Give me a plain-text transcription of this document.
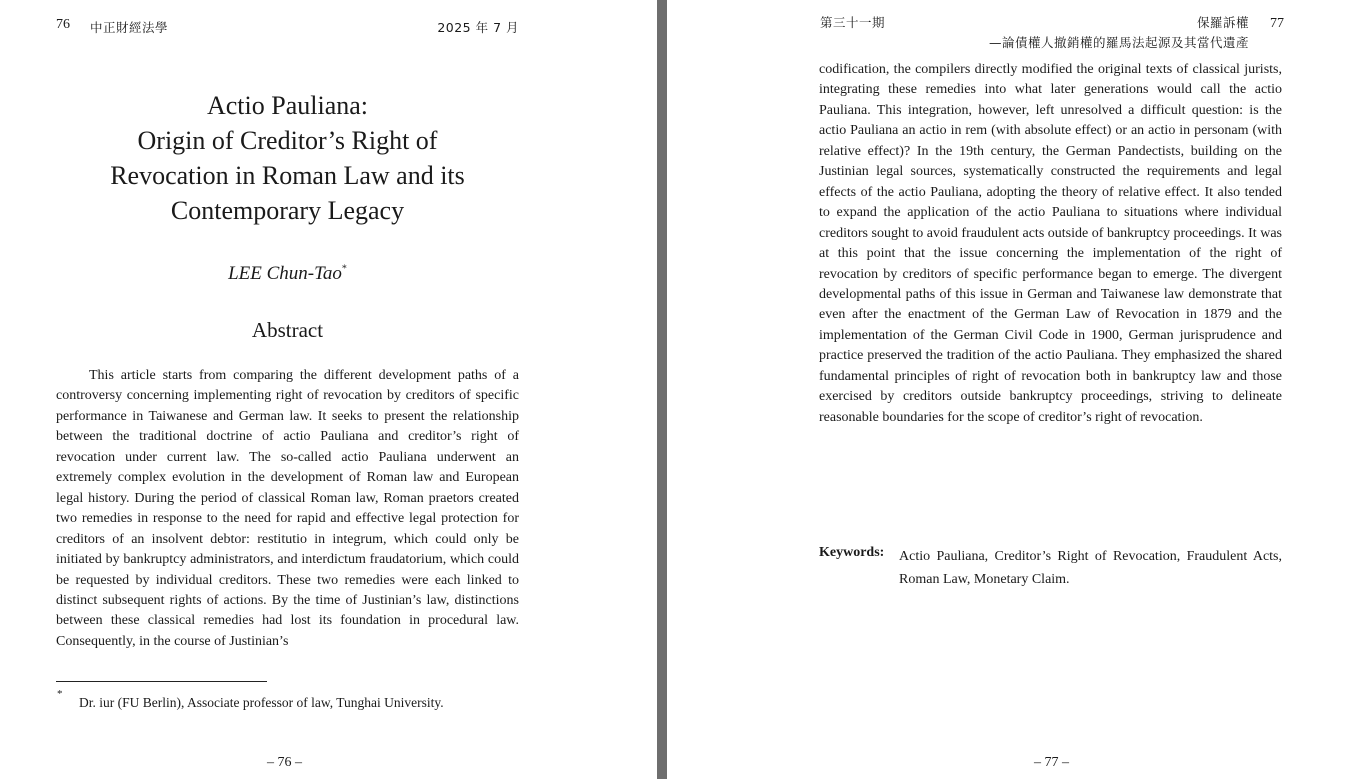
76 中正財經法學	2025 年 7 月
Actio Pauliana:
Origin of Creditor’s Right of
Revocation in Roman Law and its
Contemporary Legacy
LEE Chun-Tao*
Abstract

This article starts from comparing the different development paths of a controversy concerning implementing right of revocation by creditors of specific performance in Taiwanese and German law. It seeks to present the relationship between the traditional doctrine of actio Pauliana and creditor’s right of revocation under current law. The so-called actio Pauliana underwent an extremely complex evolution in the development of Roman law and European legal history. During the period of classical Roman law, Roman praetors created two remedies in response to the need for rapid and effective legal protection for creditors of an insolvent debtor: restitutio in integrum, which could only be initiated by bankruptcy administrators, and interdictum fraudatorium, which could be requested by individual creditors. These two remedies were each linked to distinct subsequent rights of actions. By the time of Justinian’s law, distinctions between these classical remedies had lost its foundation in procedural law. Consequently, in the course of Justinian’s

*
Dr. iur (FU Berlin), Associate professor of law, Tunghai University.
– 76 –
第三十一期	保羅訴權 77
—論債權人撤銷權的羅馬法起源及其當代遺產

codification, the compilers directly modified the original texts of classical jurists, integrating these remedies into what later generations would call the actio Pauliana. This integration, however, left unresolved a difficult question: is the actio Pauliana an actio in rem (with absolute effect) or an actio in personam (with relative effect)? In the 19th century, the German Pandectists, building on the Justinian legal sources, systematically constructed the requirements and legal effects of the actio Pauliana, adopting the theory of relative effect. It also tended to expand the application of the actio Pauliana to situations where individual creditors sought to avoid fraudulent acts outside of bankruptcy proceedings. It was at this point that the issue concerning the implementation of the right of revocation by creditors of specific performance began to emerge. The divergent developmental paths of this issue in German and Taiwanese law demonstrate that even after the enactment of the German Law of Revocation in 1879 and the implementation of the German Civil Code in 1900, German jurisprudence and practice preserved the tradition of the actio Pauliana. They emphasized the shared fundamental principles of right of revocation both in bankruptcy law and those exercised by creditors outside bankruptcy proceedings, striving to delineate reasonable boundaries for the scope of creditor’s right of revocation.

Keywords: Actio Pauliana, Creditor’s Right of Revocation, Fraudulent Acts, Roman Law, Monetary Claim.
– 77 –
